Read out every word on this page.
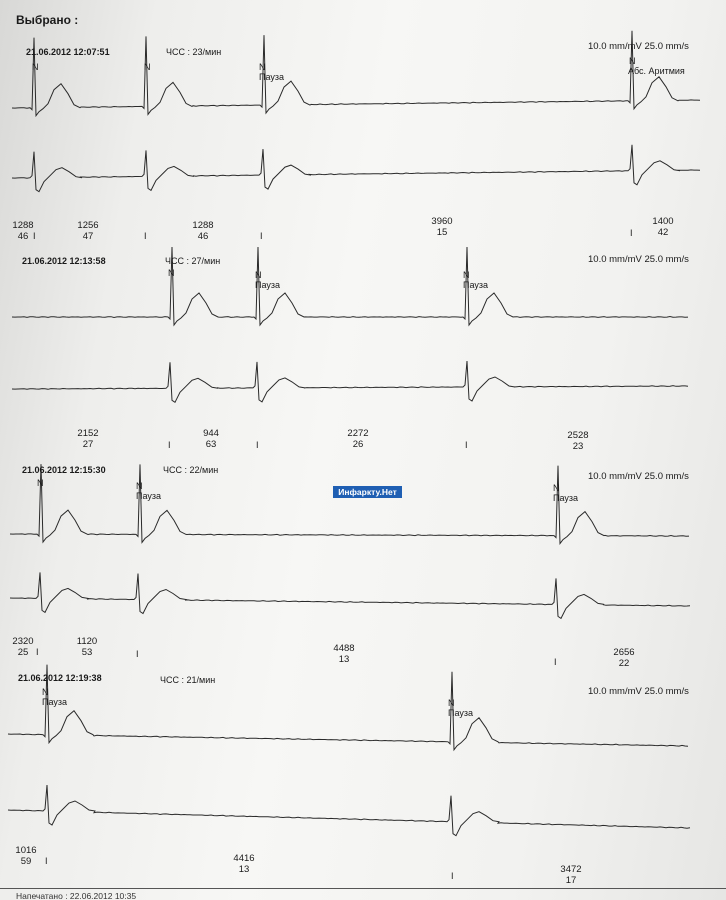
Выбрано :
21.06.2012 12:07:51	ЧСС : 23/мин	10.0 mm/mV 25.0 mm/s
N	N	N
Пауза
N
Абс. Аритмия
1288
46 I
1256
47	I
1288
46	I
3960
15	I
1400
42
21.06.2012 12:13:58	ЧСС : 27/мин	10.0 mm/mV 25.0 mm/s
N	N
Пауза
N
Пауза
2152
27	I
944
63	I
2272
26	I
2528
23
21.06.2012 12:15:30	ЧСС : 22/мин
10.0 mm/mV 25.0 mm/s
N	N
Пауза
N
Пауза
Инфаркту.Нет
2320
25 I
1120
53	I	4488
13	I
2656
22
21.06.2012 12:19:38	ЧСС : 21/мин
10.0 mm/mV 25.0 mm/s
N
Пауза	N
Пауза
1016
59	I	4416
13
I
3472
17
Напечатано : 22.06.2012 10:35
